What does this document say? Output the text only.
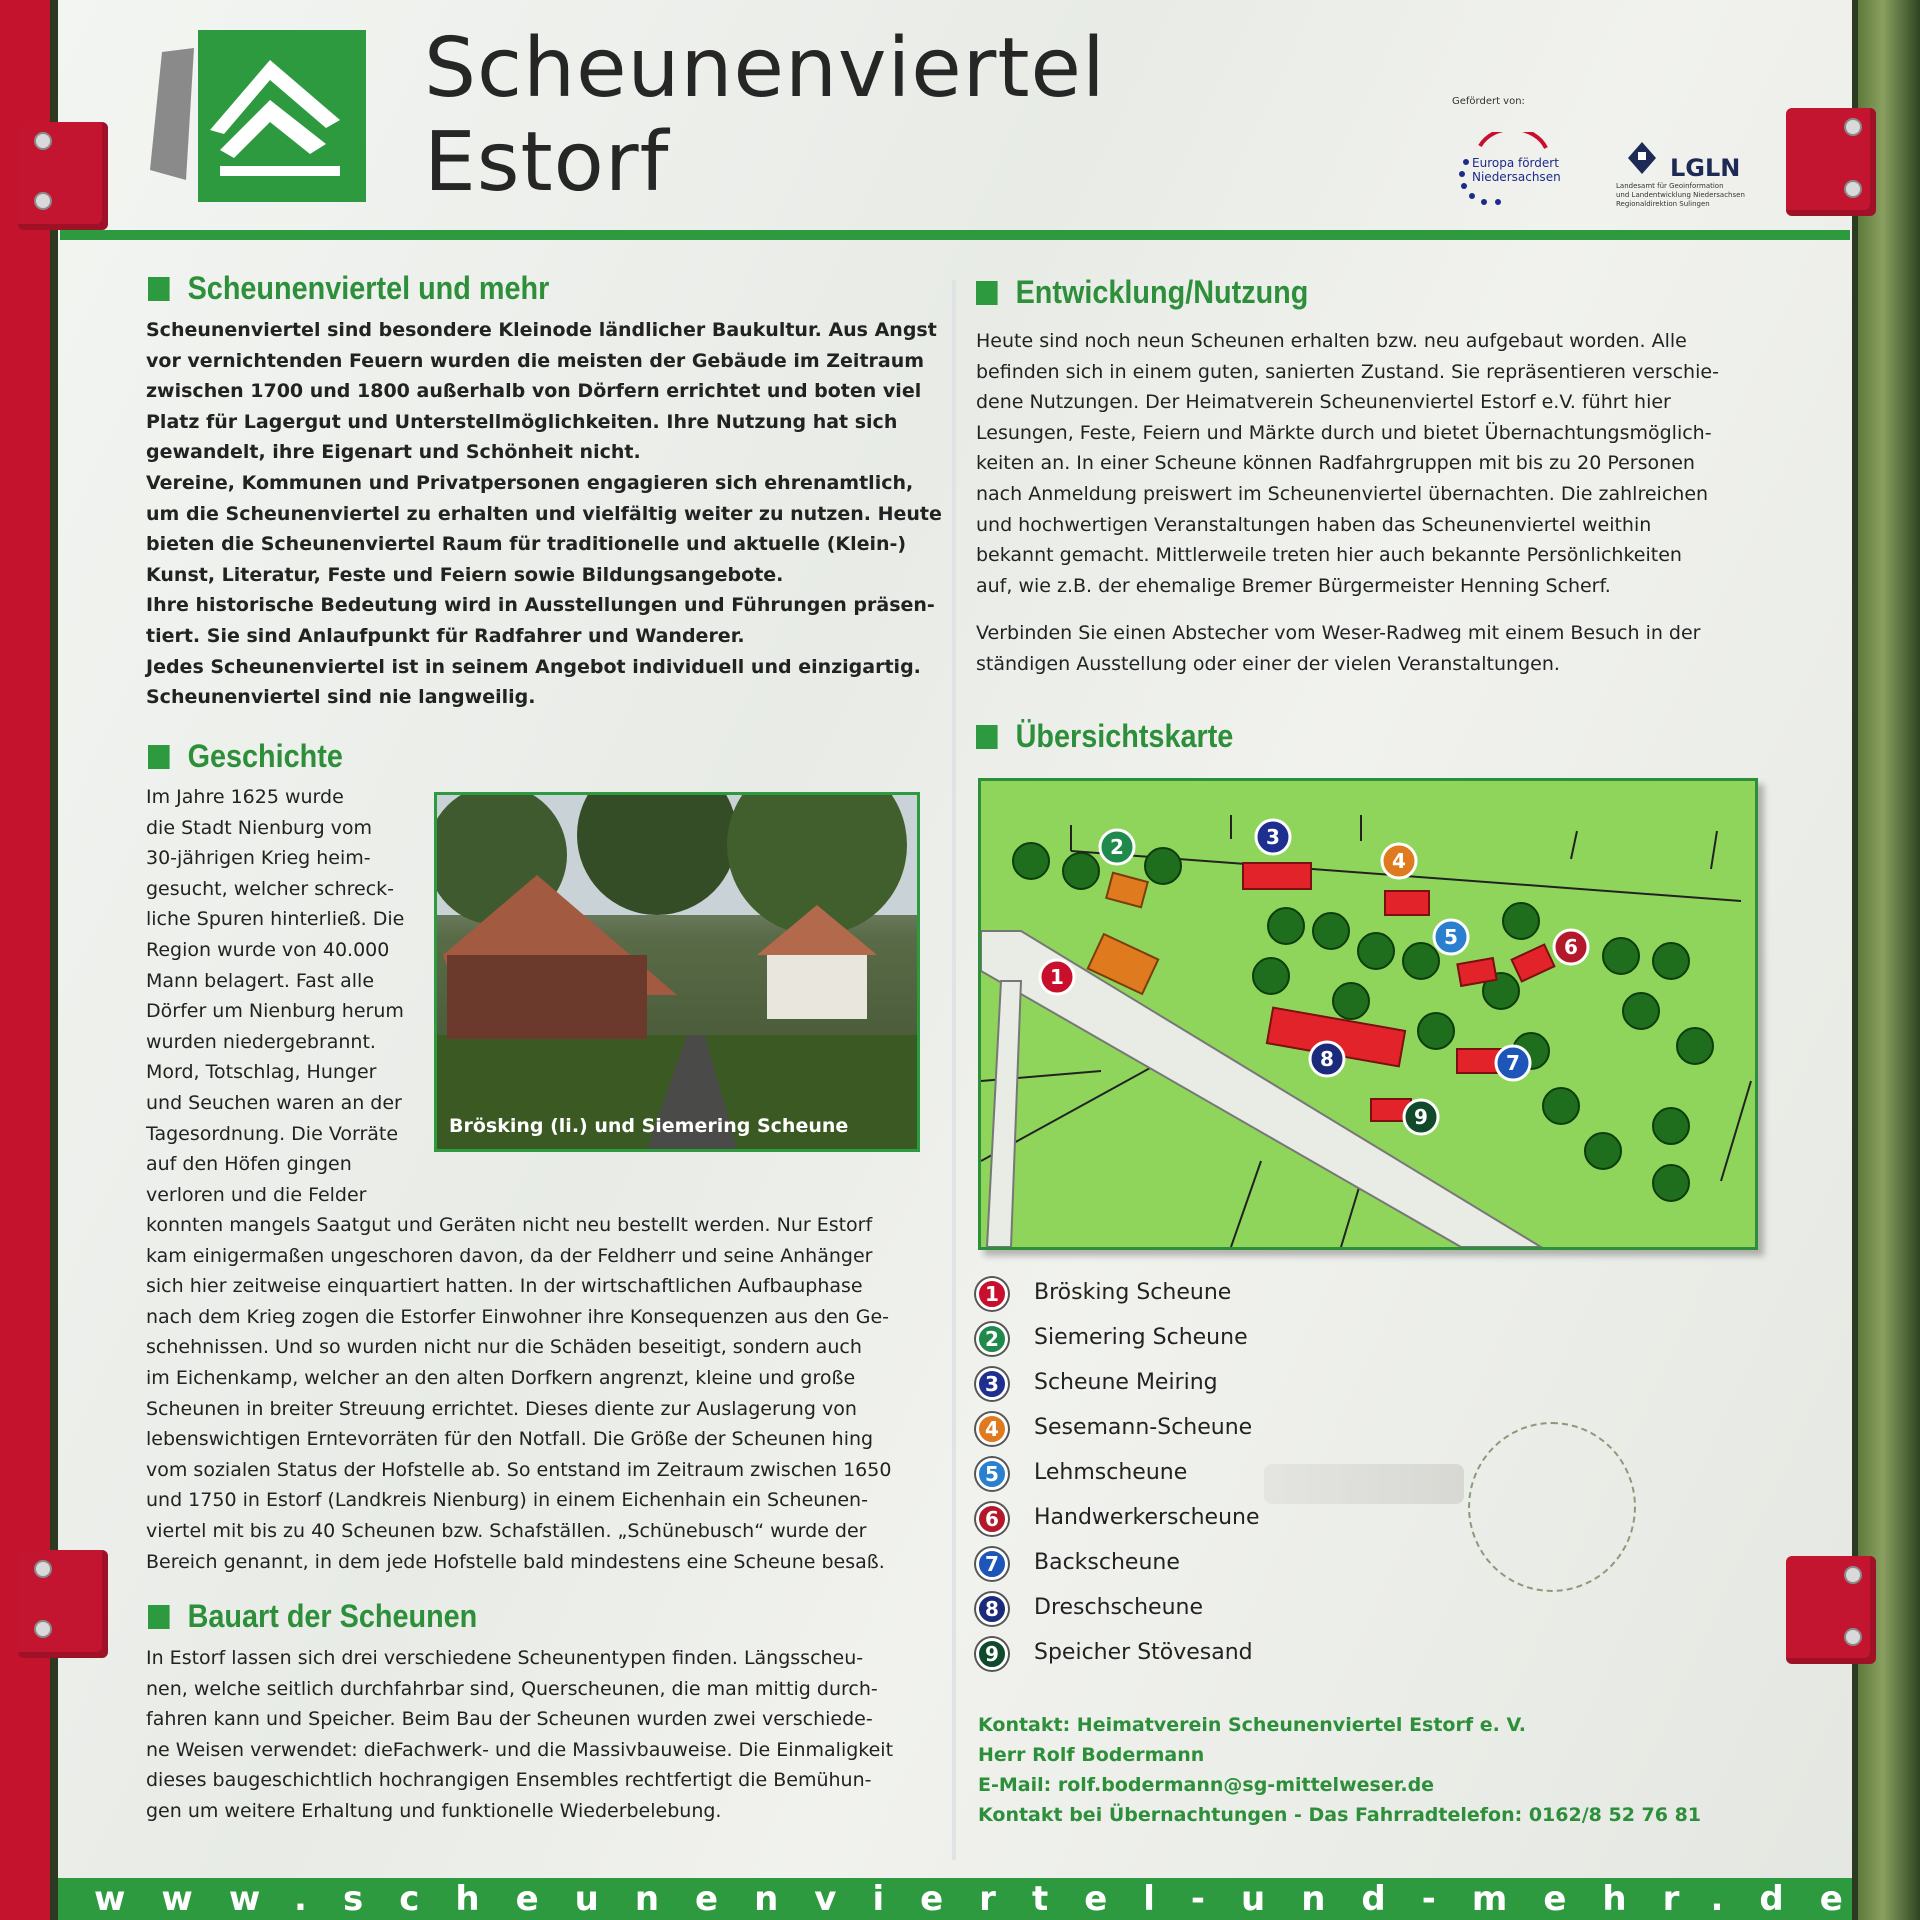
Scheunenviertel
Estorf
Gefördert von:
Europa fördert
Niedersachsen	LGLN
Landesamt für Geoinformation
und Landentwicklung Niedersachsen
Regionaldirektion Sulingen
Scheunenviertel und mehr

Scheunenviertel sind besondere Kleinode ländlicher Baukultur. Aus Angst

vor vernichtenden Feuern wurden die meisten der Gebäude im Zeitraum

zwischen 1700 und 1800 außerhalb von Dörfern errichtet und boten viel

Platz für Lagergut und Unterstellmöglichkeiten. Ihre Nutzung hat sich

gewandelt, ihre Eigenart und Schönheit nicht.

Vereine, Kommunen und Privatpersonen engagieren sich ehrenamtlich,

um die Scheunenviertel zu erhalten und vielfältig weiter zu nutzen. Heute

bieten die Scheunenviertel Raum für traditionelle und aktuelle (Klein-)

Kunst, Literatur, Feste und Feiern sowie Bildungsangebote.

Ihre historische Bedeutung wird in Ausstellungen und Führungen präsen-

tiert. Sie sind Anlaufpunkt für Radfahrer und Wanderer.

Jedes Scheunenviertel ist in seinem Angebot individuell und einzigartig.

Scheunenviertel sind nie langweilig.

Geschichte

Im Jahre 1625 wurde

die Stadt Nienburg vom

30-jährigen Krieg heim-

gesucht, welcher schreck-

liche Spuren hinterließ. Die

Region wurde von 40.000

Mann belagert. Fast alle

Dörfer um Nienburg herum

wurden niedergebrannt.

Mord, Totschlag, Hunger

und Seuchen waren an der

Tagesordnung. Die Vorräte

auf den Höfen gingen

verloren und die Felder

konnten mangels Saatgut und Geräten nicht neu bestellt werden. Nur Estorf

kam einigermaßen ungeschoren davon, da der Feldherr und seine Anhänger

sich hier zeitweise einquartiert hatten. In der wirtschaftlichen Aufbauphase

nach dem Krieg zogen die Estorfer Einwohner ihre Konsequenzen aus den Ge-

schehnissen. Und so wurden nicht nur die Schäden beseitigt, sondern auch

im Eichenkamp, welcher an den alten Dorfkern angrenzt, kleine und große

Scheunen in breiter Streuung errichtet. Dieses diente zur Auslagerung von

lebenswichtigen Erntevorräten für den Notfall. Die Größe der Scheunen hing

vom sozialen Status der Hofstelle ab. So entstand im Zeitraum zwischen 1650

und 1750 in Estorf (Landkreis Nienburg) in einem Eichenhain ein Scheunen-

viertel mit bis zu 40 Scheunen bzw. Schafställen. „Schünebusch“ wurde der

Bereich genannt, in dem jede Hofstelle bald mindestens eine Scheune besaß.

Brösking (li.) und Siemering Scheune
Bauart der Scheunen

In Estorf lassen sich drei verschiedene Scheunentypen finden. Längsscheu-

nen, welche seitlich durchfahrbar sind, Querscheunen, die man mittig durch-

fahren kann und Speicher. Beim Bau der Scheunen wurden zwei verschiede-

ne Weisen verwendet: dieFachwerk- und die Massivbauweise. Die Einmaligkeit

dieses baugeschichtlich hochrangigen Ensembles rechtfertigt die Bemühun-

gen um weitere Erhaltung und funktionelle Wiederbelebung.

Entwicklung/Nutzung

Heute sind noch neun Scheunen erhalten bzw. neu aufgebaut worden. Alle

befinden sich in einem guten, sanierten Zustand. Sie repräsentieren verschie-

dene Nutzungen. Der Heimatverein Scheunenviertel Estorf e.V. führt hier

Lesungen, Feste, Feiern und Märkte durch und bietet Übernachtungsmöglich-

keiten an. In einer Scheune können Radfahrgruppen mit bis zu 20 Personen

nach Anmeldung preiswert im Scheunenviertel übernachten. Die zahlreichen

und hochwertigen Veranstaltungen haben das Scheunenviertel weithin

bekannt gemacht. Mittlerweile treten hier auch bekannte Persönlichkeiten

auf, wie z.B. der ehemalige Bremer Bürgermeister Henning Scherf.

Verbinden Sie einen Abstecher vom Weser-Radweg mit einem Besuch in der

ständigen Ausstellung oder einer der vielen Veranstaltungen.

Übersichtskarte
1
2	3
4
5	6
7
8
9
1	Brösking Scheune
2	Siemering Scheune
3	Scheune Meiring
4	Sesemann-Scheune
5	Lehmscheune
6	Handwerkerscheune
7	Backscheune
8	Dreschscheune
9	Speicher Stövesand

Kontakt: Heimatverein Scheunenviertel Estorf e. V.

Herr Rolf Bodermann

E-Mail: rolf.bodermann@sg-mittelweser.de

Kontakt bei Übernachtungen - Das Fahrradtelefon: 0162/8 52 76 81

www.scheunenviertel-und-mehr.de
